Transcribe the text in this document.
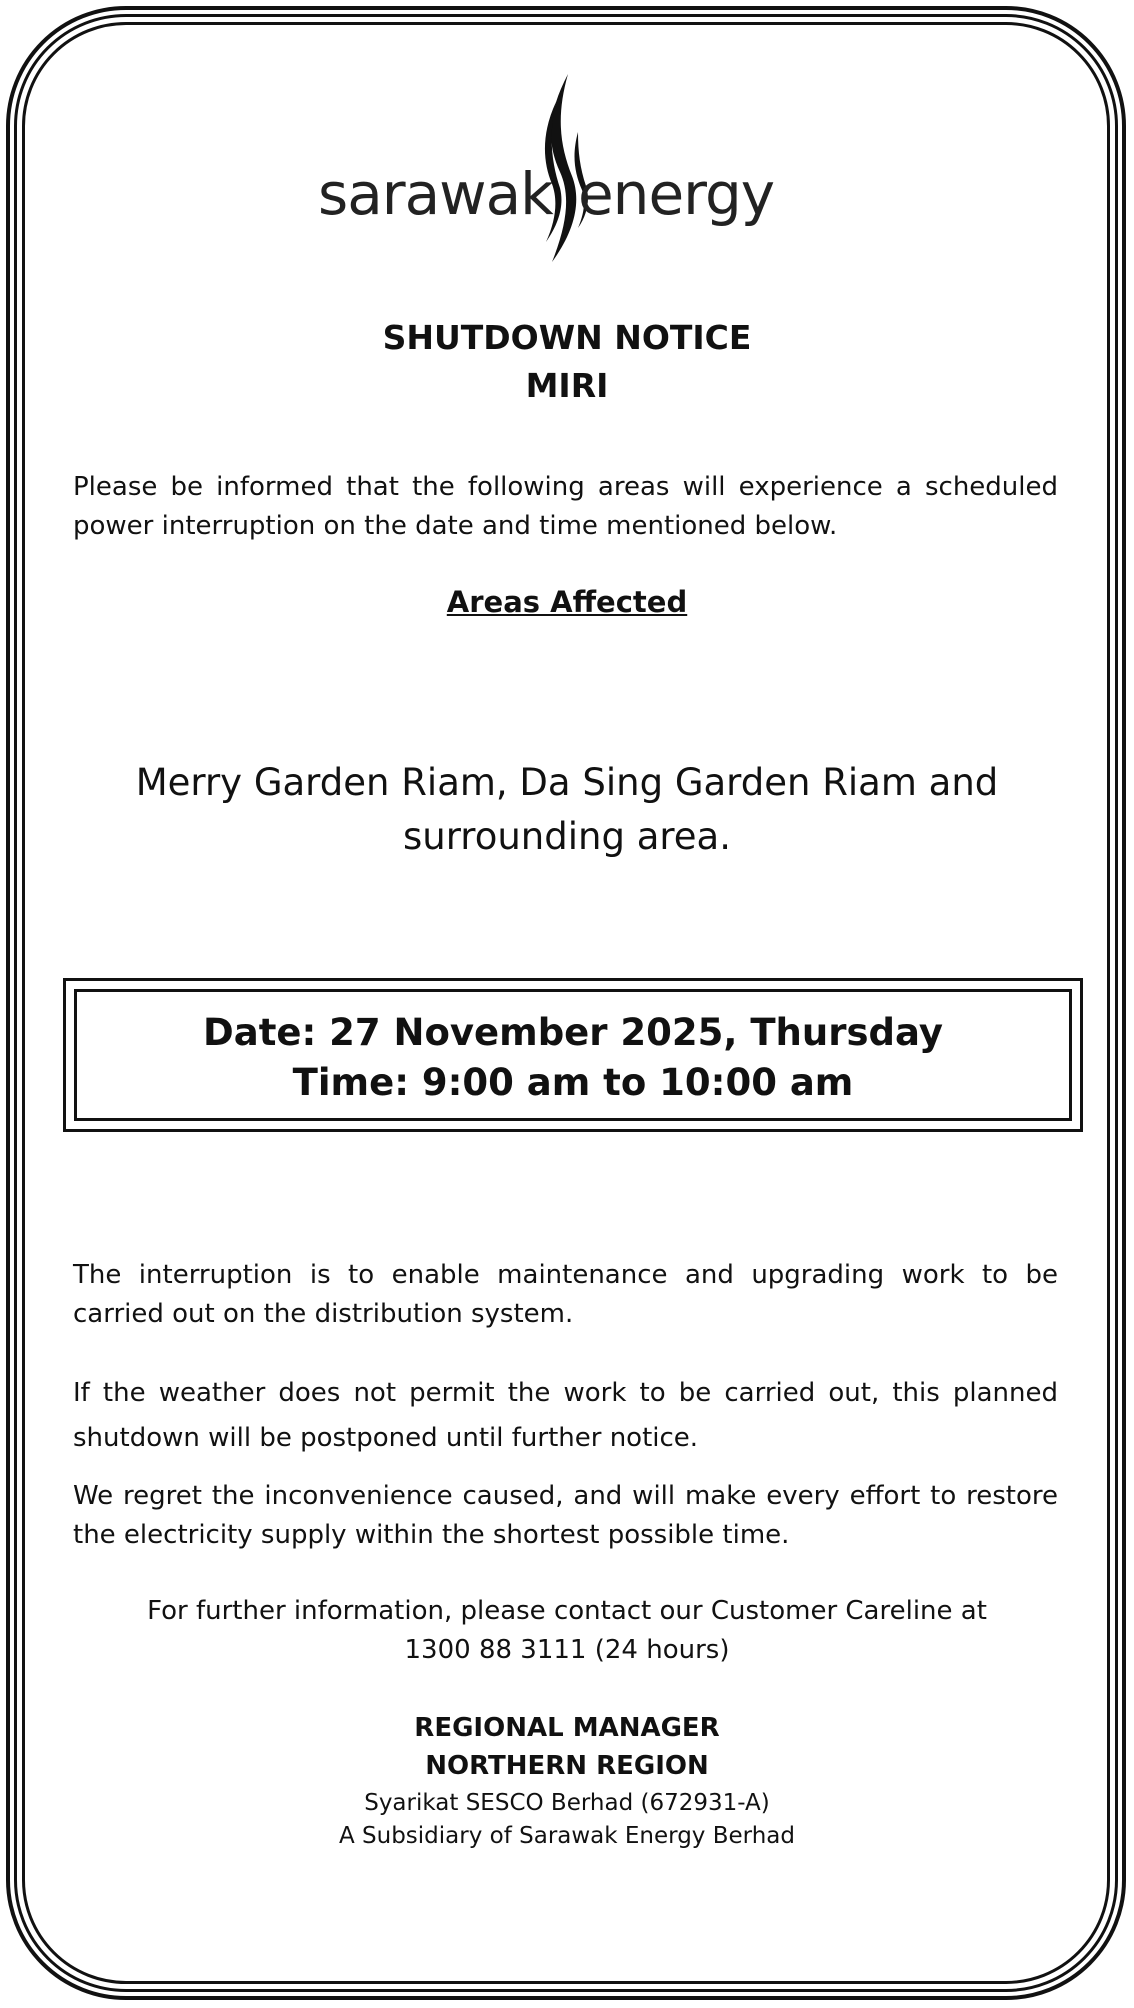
sarawak energy
SHUTDOWN NOTICE
MIRI
Please be informed that the following areas will experience a scheduled power interruption on the date and time mentioned below.
Areas Affected
Merry Garden Riam, Da Sing Garden Riam and surrounding area.
Date: 27 November 2025, Thursday
Time: 9:00 am to 10:00 am
The interruption is to enable maintenance and upgrading work to be carried out on the distribution system.
If the weather does not permit the work to be carried out, this planned shutdown will be postponed until further notice.
We regret the inconvenience caused, and will make every effort to restore the electricity supply within the shortest possible time.
For further information, please contact our Customer Careline at
1300 88 3111 (24 hours)
REGIONAL MANAGER
NORTHERN REGION
Syarikat SESCO Berhad (672931-A)
A Subsidiary of Sarawak Energy Berhad
